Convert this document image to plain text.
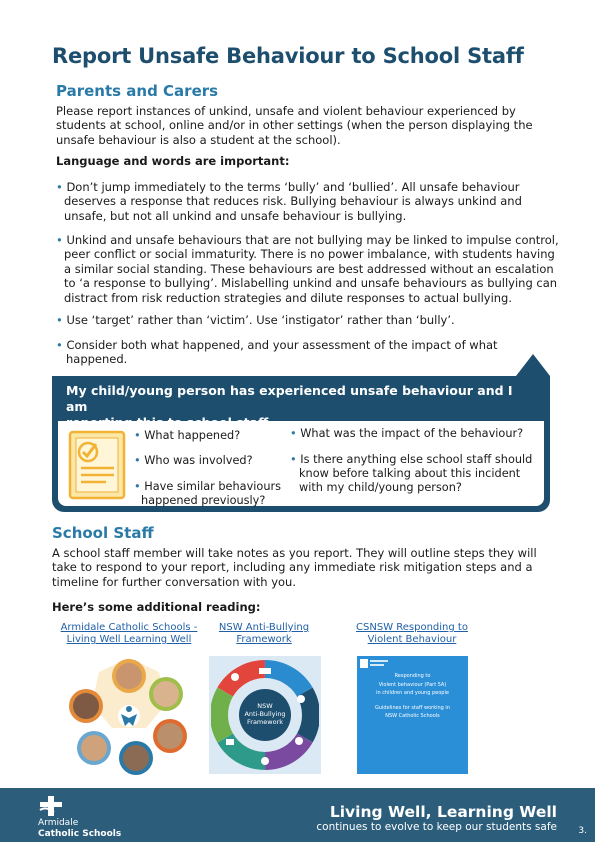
Report Unsafe Behaviour to School Staff
Parents and Carers
Please report instances of unkind, unsafe and violent behaviour experienced by
students at school, online and/or in other settings (when the person displaying the
unsafe behaviour is also a student at the school).
Language and words are important:
• Don’t jump immediately to the terms ‘bully’ and ‘bullied’. All unsafe behaviour
deserves a response that reduces risk. Bullying behaviour is always unkind and
unsafe, but not all unkind and unsafe behaviour is bullying.
• Unkind and unsafe behaviours that are not bullying may be linked to impulse control,
peer conflict or social immaturity. There is no power imbalance, with students having
a similar social standing. These behaviours are best addressed without an escalation
to ‘a response to bullying’. Mislabelling unkind and unsafe behaviours as bullying can
distract from risk reduction strategies and dilute responses to actual bullying.
• Use ‘target’ rather than ‘victim’. Use ‘instigator’ rather than ‘bully’.
• Consider both what happened, and your assessment of the impact of what
happened.
My child/young person has experienced unsafe behaviour and I am
• What happened?
• Who was involved?
• Have similar behaviours
happened previously?
• What was the impact of the behaviour?
• Is there anything else school staff should
know before talking about this incident
with my child/young person?
School Staff
A school staff member will take notes as you report. They will outline steps they will
take to respond to your report, including any immediate risk mitigation steps and a
timeline for further conversation with you.
Here’s some additional reading:
Armidale Catholic Schools -
Living Well Learning Well
NSW Anti-Bullying
Framework
CSNSW Responding to
Violent Behaviour
NSW
Anti-Bullying
Framework
Responding to
Violent behaviour (Part 5A)
in children and young people
Guidelines for staff working in
NSW Catholic Schools
Armidale
Catholic Schools
Living Well, Learning Well
continues to evolve to keep our students safe 3.
